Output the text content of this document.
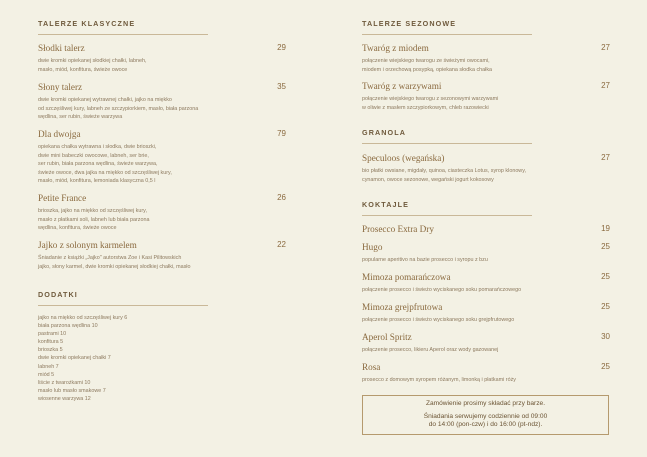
TALERZE KLASYCZNE

Słodki talerz	29
dwie kromki opiekanej słodkiej chałki, labneh,
masło, miód, konfitura, świeże owoce
Słony talerz	35
dwie kromki opiekanej wytrawnej chałki, jajko na miękko
od szczęśliwej kury, labneh ze szczypiorkiem, masło, biała parzona
wędlina, ser rubin, świeże warzywa
Dla dwojga	79
opiekana chałka wytrawna i słodka, dwie brioszki,
dwie mini babeczki owocowe, labneh, ser brie,
ser rubin, biała parzona wędlina, świeże warzywa,
świeże owoce, dwa jajka na miękko od szczęśliwej kury,
masło, miód, konfitura, lemoniada klasyczna 0,5 l
Petite France	26
brioszka, jajko na miękko od szczęśliwej kury,
masło z płatkami soli, labneh lub biała parzona
wędlina, konfitura, świeże owoce
Jajko z solonym karmelem	22
Śniadanie z książki „Jajko" autorstwa Zoe i Kasi Pilitowskich
jajko, słony karmel, dwie kromki opiekanej słodkiej chałki, masło

DODATKI

jajko na miękko od szczęśliwej kury 6
biała parzona wędlina 10
pastrami 10
konfitura 5
brioszka 5
dwie kromki opiekanej chałki 7
labneh 7
miód 5
liście z twarożkami 10
masło lub masło smakowe 7
wiosenne warzywa 12

TALERZE SEZONOWE

Twaróg z miodem	27
połączenie wiejskiego twarogu ze świeżymi owocami,
miodem i orzechową posypką, opiekana słodka chałka
Twaróg z warzywami	27
połączenie wiejskiego twarogu z sezonowymi warzywami
w oliwie z masłem szczypiorkowym, chleb razowiecki

GRANOLA

Speculoos (wegańska)	27
bio płatki owsiane, migdały, quinoa, ciasteczka Lotus, syrop klonowy,
cynamon, owoce sezonowe, wegański jogurt kokosowy

KOKTAJLE

Prosecco Extra Dry	19
Hugo	25
popularne aperitivo na bazie prosecco i syropu z bzu
Mimoza pomarańczowa	25
połączenie prosecco i świeżo wyciskanego soku pomarańczowego
Mimoza grejpfrutowa	25
połączenie prosecco i świeżo wyciskanego soku grejpfrutowego
Aperol Spritz	30
połączenie prosecco, likieru Aperol oraz wody gazowanej
Rosa	25
prosecco z domowym syropem różanym, limonką i płatkami róży
Zamówienie prosimy składać przy barze.
Śniadania serwujemy codziennie od 09:00
do 14:00 (pon-czw) i do 16:00 (pt-ndz).
